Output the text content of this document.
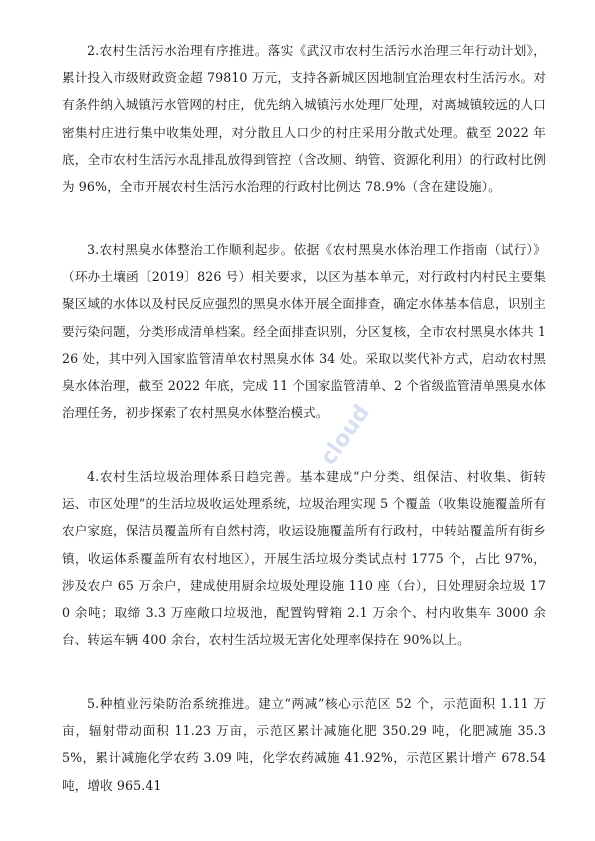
2.农村生活污水治理有序推进。落实《武汉市农村生活污水治理三年行动计划》，累计投入市级财政资金超 79810 万元，支持各新城区因地制宜治理农村生活污水。对有条件纳入城镇污水管网的村庄，优先纳入城镇污水处理厂处理，对离城镇较远的人口密集村庄进行集中收集处理，对分散且人口少的村庄采用分散式处理。截至 2022 年底，全市农村生活污水乱排乱放得到管控（含改厕、纳管、资源化利用）的行政村比例为 96%，全市开展农村生活污水治理的行政村比例达 78.9%（含在建设施）。

3.农村黑臭水体整治工作顺利起步。依据《农村黑臭水体治理工作指南（试行）》（环办土壤函〔2019〕826 号）相关要求，以区为基本单元，对行政村内村民主要集聚区域的水体以及村民反应强烈的黑臭水体开展全面排查，确定水体基本信息，识别主要污染问题，分类形成清单档案。经全面排查识别，分区复核，全市农村黑臭水体共 126 处，其中列入国家监管清单农村黑臭水体 34 处。采取以奖代补方式，启动农村黑臭水体治理，截至 2022 年底，完成 11 个国家监管清单、2 个省级监管清单黑臭水体治理任务，初步探索了农村黑臭水体整治模式。

4.农村生活垃圾治理体系日趋完善。基本建成“户分类、组保洁、村收集、街转运、市区处理”的生活垃圾收运处理系统，垃圾治理实现 5 个覆盖（收集设施覆盖所有农户家庭，保洁员覆盖所有自然村湾，收运设施覆盖所有行政村，中转站覆盖所有街乡镇，收运体系覆盖所有农村地区），开展生活垃圾分类试点村 1775 个，占比 97%，涉及农户 65 万余户，建成使用厨余垃圾处理设施 110 座（台），日处理厨余垃圾 170 余吨；取缔 3.3 万座敞口垃圾池，配置钩臂箱 2.1 万余个、村内收集车 3000 余台、转运车辆 400 余台，农村生活垃圾无害化处理率保持在 90%以上。

5.种植业污染防治系统推进。建立“两减”核心示范区 52 个，示范面积 1.11 万亩，辐射带动面积 11.23 万亩，示范区累计减施化肥 350.29 吨，化肥减施 35.35%，累计减施化学农药 3.09 吨，化学农药减施 41.92%，示范区累计增产 678.54 吨，增收 965.41

cloud
